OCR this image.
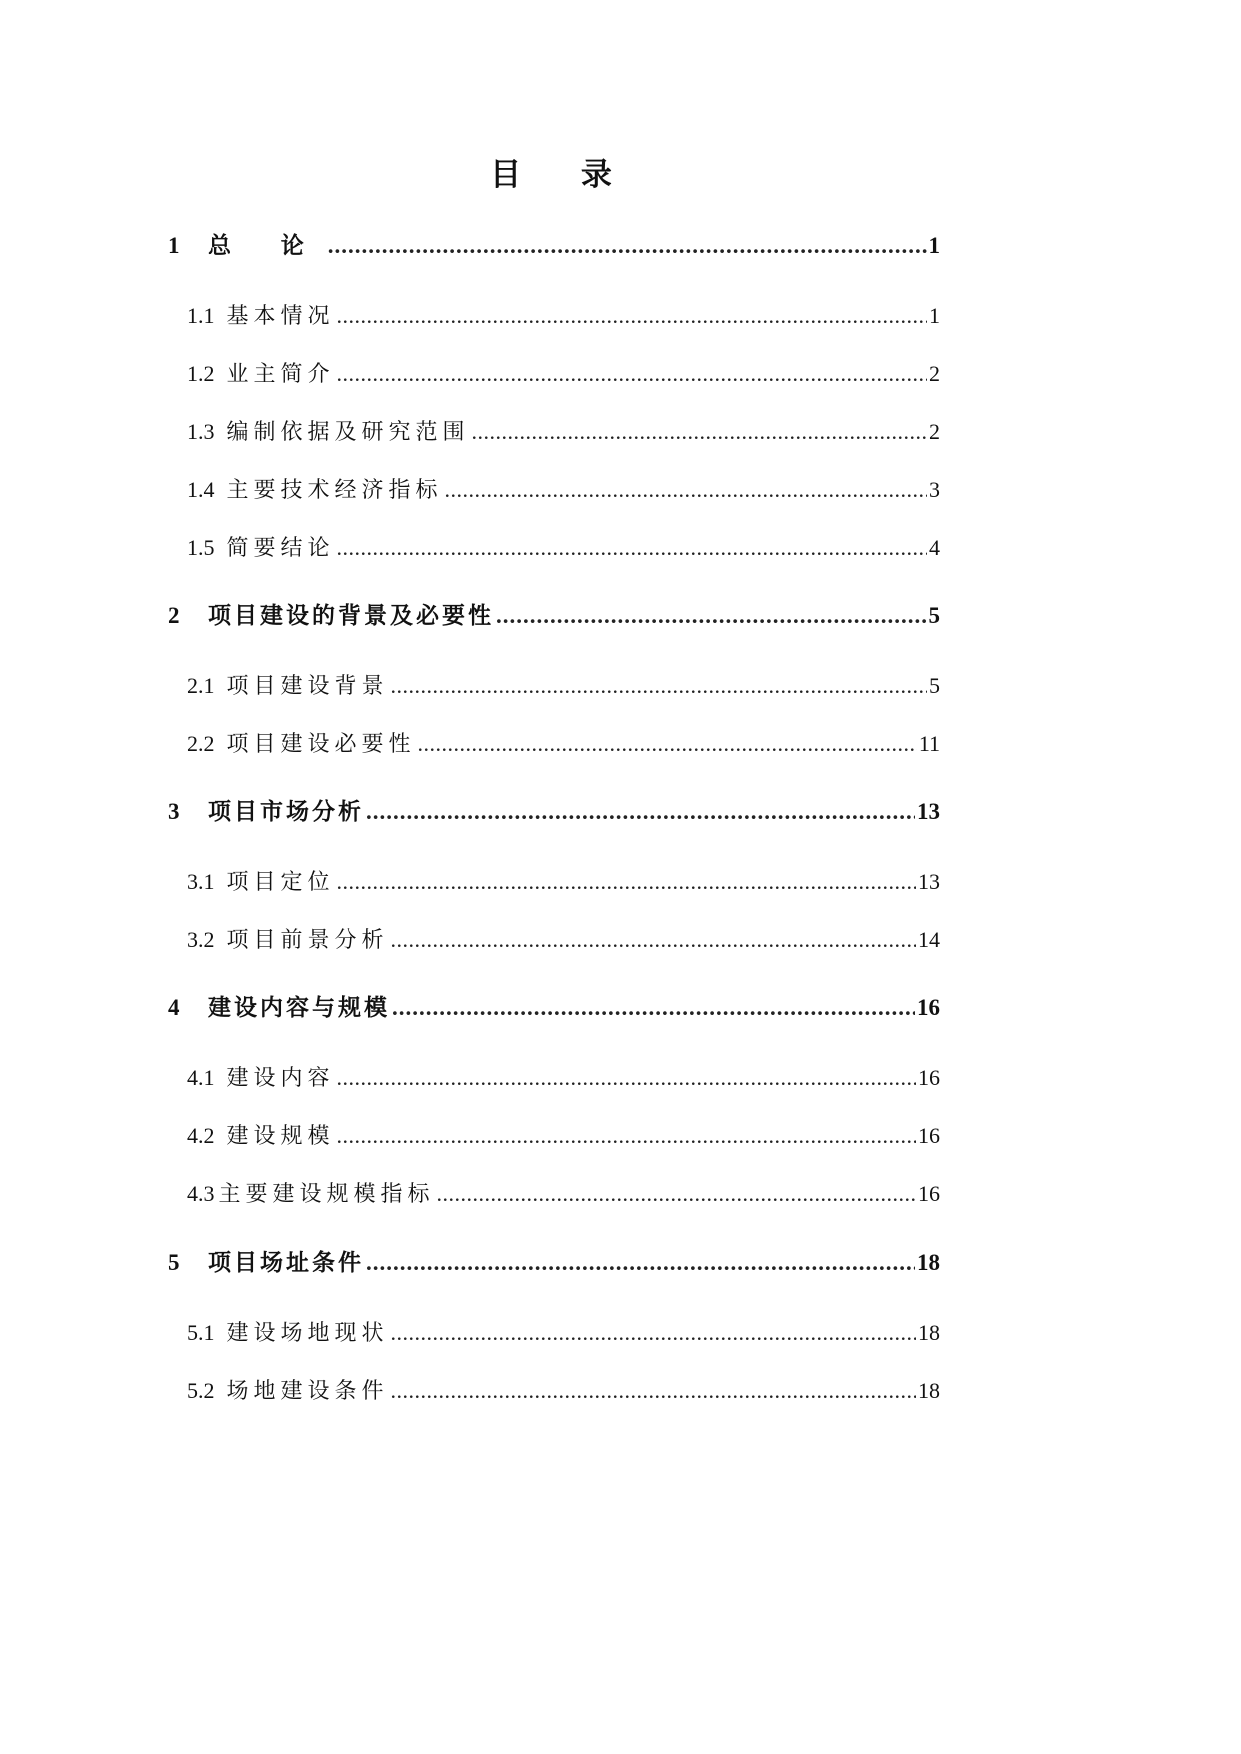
目 录
1	总 论 .....	1
1.1 基本情况 .....	1
1.2 业主简介 .....	2
1.3 编制依据及研究范围 .....	2
1.4 主要技术经济指标 .....	3
1.5 简要结论 .....	4
2	项目建设的背景及必要性 .....	5
2.1 项目建设背景 .....	5
2.2 项目建设必要性 .....	11
3	项目市场分析 .....	13
3.1 项目定位 .....	13
3.2 项目前景分析 .....	14
4	建设内容与规模 .....	16
4.1 建设内容 .....	16
4.2 建设规模 .....	16
4.3 主要建设规模指标 .....	16
5	项目场址条件 .....	18
5.1 建设场地现状 .....	18
5.2 场地建设条件 .....	18
